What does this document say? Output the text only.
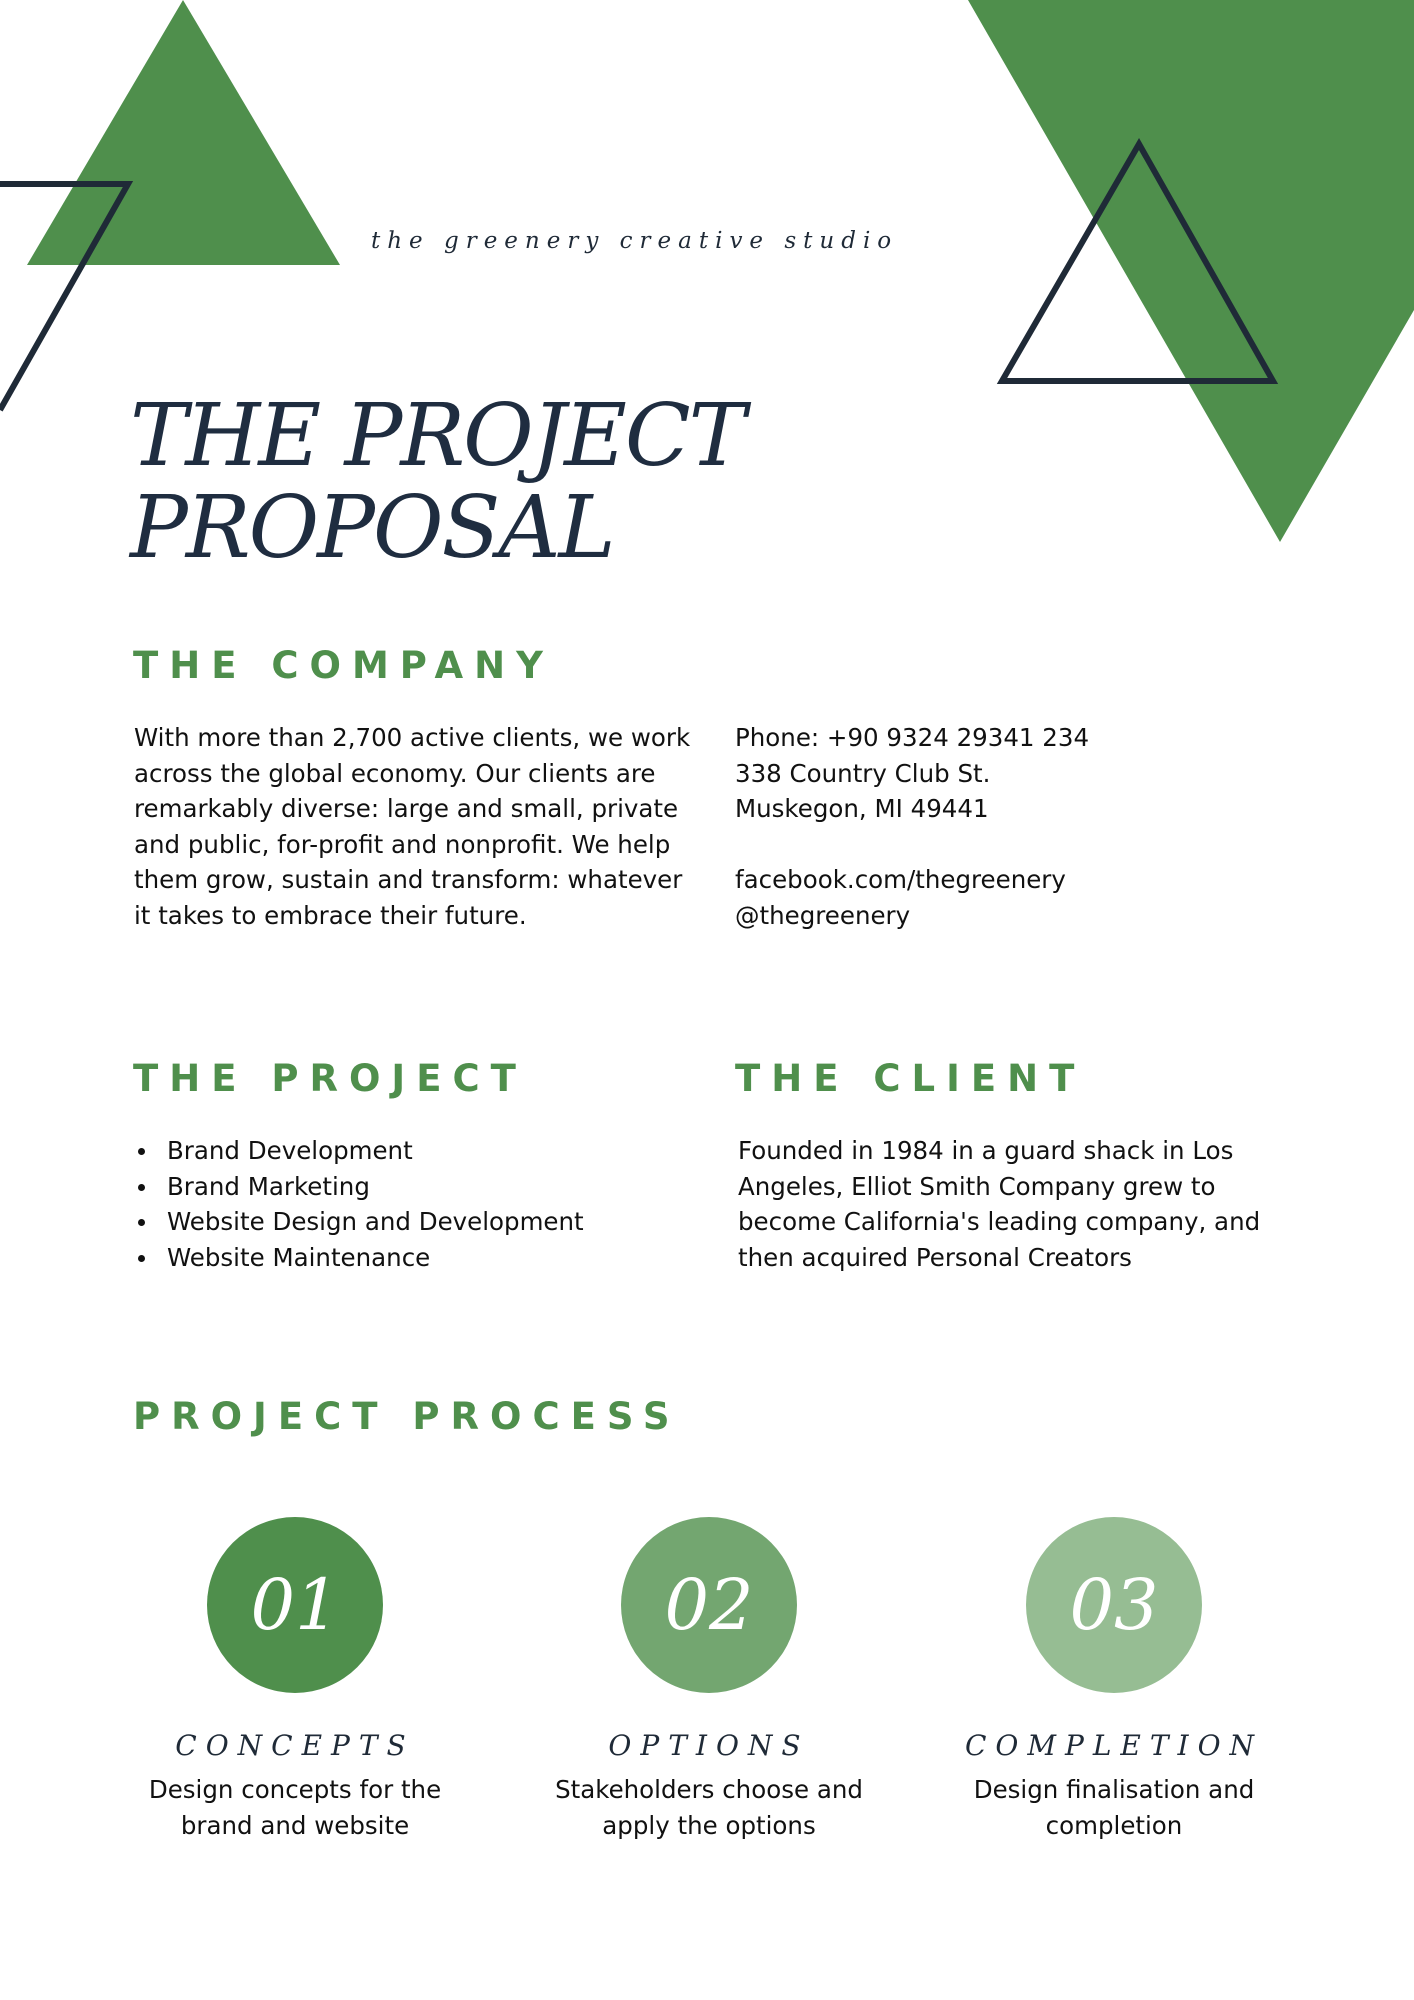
the greenery creative studio
THE PROJECT
PROPOSAL
THE COMPANY

With more than 2,700 active clients, we work across the global economy. Our clients are remarkably diverse: large and small, private and public, for-profit and nonprofit. We help them grow, sustain and transform: whatever it takes to embrace their future.

Phone: +90 9324 29341 234

338 Country Club St.

Muskegon, MI 49441

facebook.com/thegreenery

@thegreenery

THE PROJECT
Brand Development
Brand Marketing
Website Design and Development
Website Maintenance
THE CLIENT

Founded in 1984 in a guard shack in Los Angeles, Elliot Smith Company grew to become California's leading company, and then acquired Personal Creators

PROJECT PROCESS
01
CONCEPTS
Design concepts for the brand and website
02
OPTIONS
Stakeholders choose and apply the options
03
COMPLETION
Design finalisation and completion
